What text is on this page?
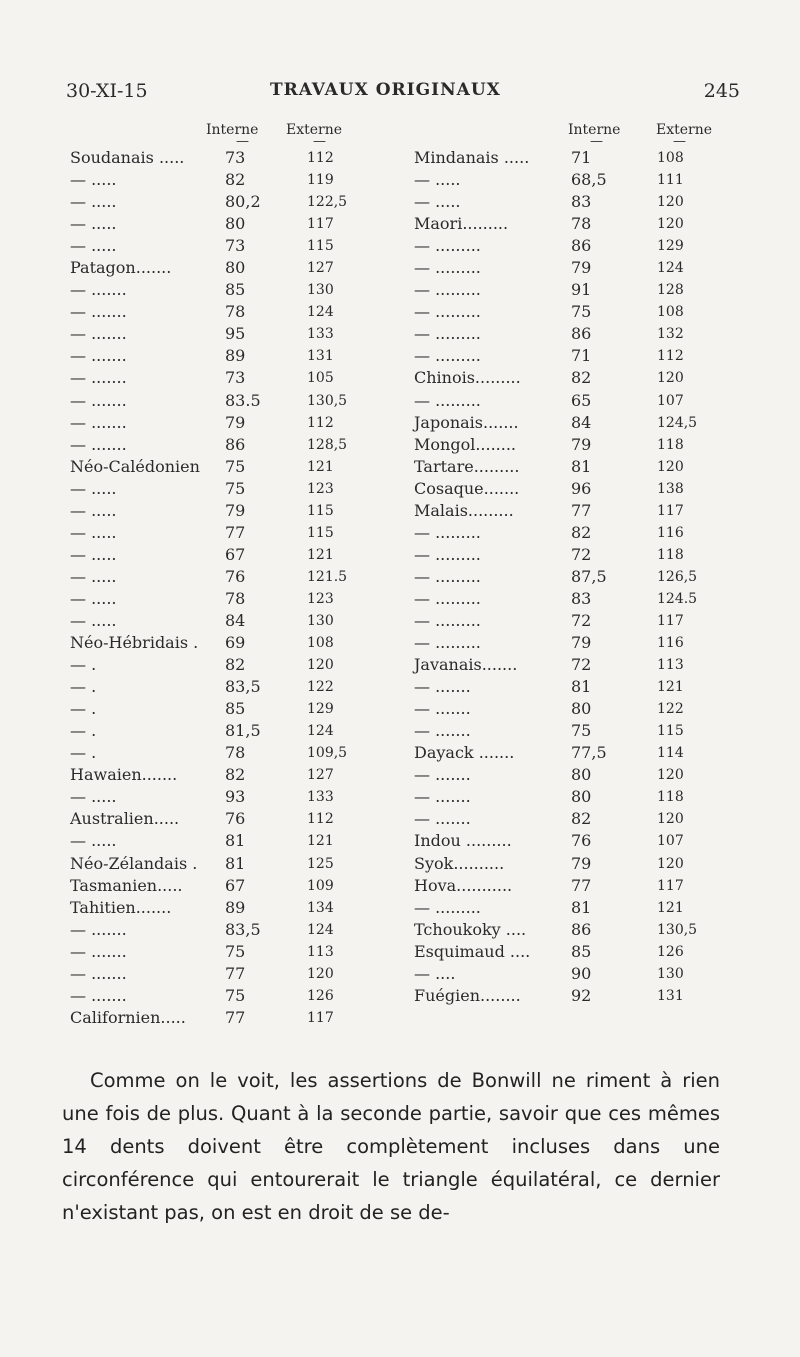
30-XI-15	TRAVAUX ORIGINAUX	245
Interne Externe	Interne	Externe
—	—	—	—
Soudanais .....	73	112
— .....	82	119
— .....	80,2	122,5
— .....	80	117
— .....	73	115
Patagon.......	80	127
— .......	85	130
— .......	78	124
— .......	95	133
— .......	89	131
— .......	73	105
— .......	83.5	130,5
— .......	79	112
— .......	86	128,5
Néo-Calédonien 75	121
— .....	75	123
— .....	79	115
— .....	77	115
— .....	67	121
— .....	76	121.5
— .....	78	123
— .....	84	130
Néo-Hébridais . 69	108
— .	82	120
— .	83,5	122
— .	85	129
— .	81,5	124
— .	78	109,5
Hawaien.......	82	127
— .....	93	133
Australien.....	76	112
— .....	81	121
Néo-Zélandais . 81	125
Tasmanien.....	67	109
Tahitien.......	89	134
— .......	83,5	124
— .......	75	113
— .......	77	120
— .......	75	126
Californien..... 77	117
Mindanais .....	71	108
— .....	68,5	111
— .....	83	120
Maori.........	78	120
— .........	86	129
— .........	79	124
— .........	91	128
— .........	75	108
— .........	86	132
— .........	71	112
Chinois.........	82	120
— .........	65	107
Japonais.......	84	124,5
Mongol........	79	118
Tartare.........	81	120
Cosaque.......	96	138
Malais.........	77	117
— .........	82	116
— .........	72	118
— .........	87,5	126,5
— .........	83	124.5
— .........	72	117
— .........	79	116
Javanais.......	72	113
— .......	81	121
— .......	80	122
— .......	75	115
Dayack .......	77,5	114
— .......	80	120
— .......	80	118
— .......	82	120
Indou .........	76	107
Syok..........	79	120
Hova...........	77	117
— .........	81	121
Tchoukoky ....	86	130,5
Esquimaud ....	85	126
— ....	90	130
Fuégien........	92	131

Comme on le voit, les assertions de Bonwill ne riment à rien une fois de plus. Quant à la seconde partie, savoir que ces mêmes 14 dents doivent être complètement incluses dans une circonférence qui entourerait le triangle équilatéral, ce dernier n'existant pas, on est en droit de se de-
